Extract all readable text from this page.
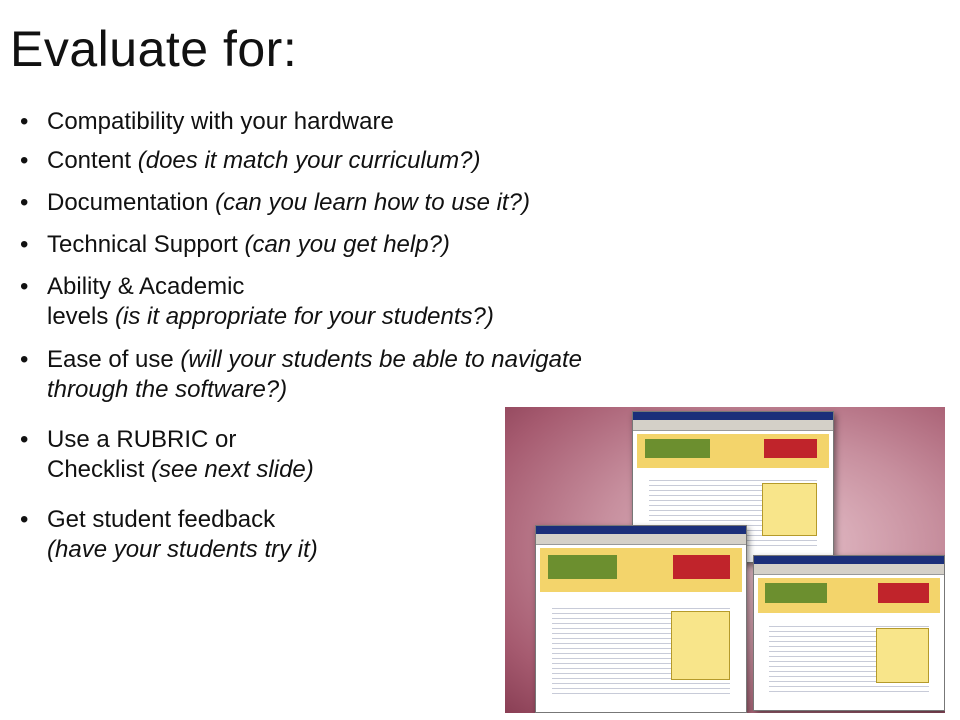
Evaluate for:
• Compatibility with your hardware
• Content (does it match your curriculum?)
• Documentation (can you learn how to use it?)
• Technical Support (can you get help?)
• Ability & Academic
levels (is it appropriate for your students?)
• Ease of use (will your students be able to navigate
through the software?)
• Use a RUBRIC or
Checklist (see next slide)
• Get student feedback
(have your students try it)
